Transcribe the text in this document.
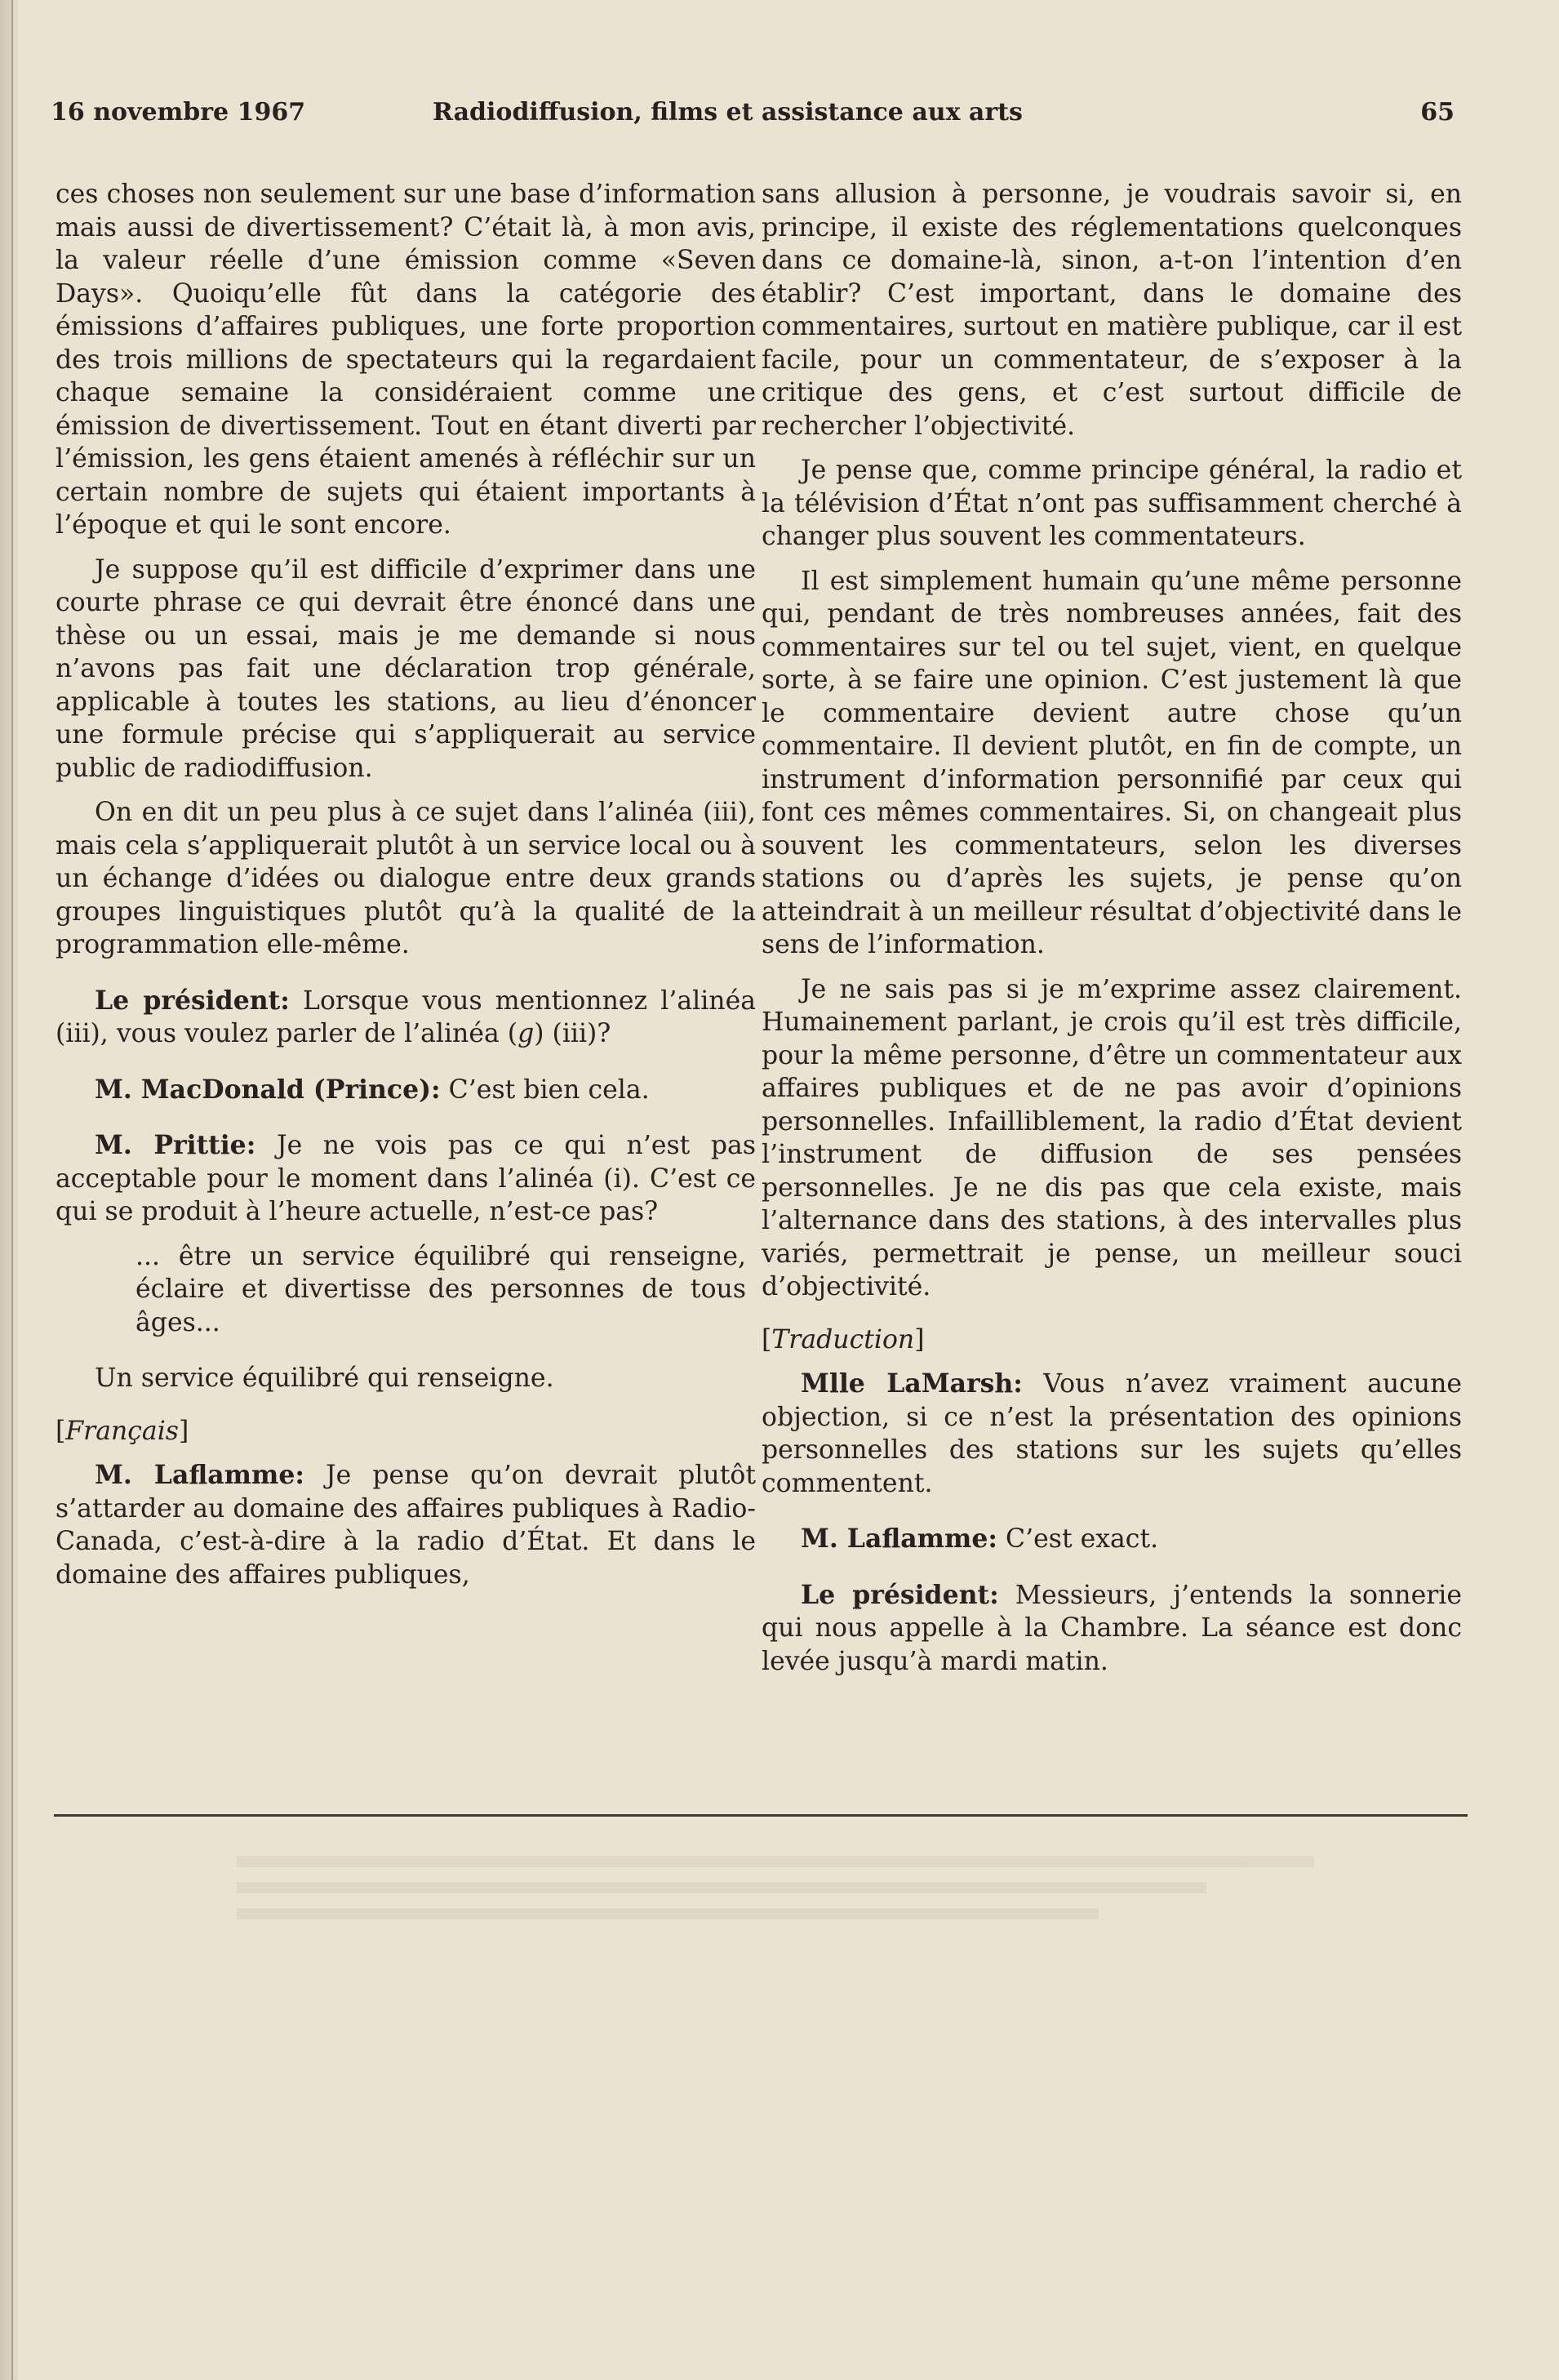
16 novembre 1967	Radiodiffusion, films et assistance aux arts	65

ces choses non seulement sur une base d’information mais aussi de divertissement? C’était là, à mon avis, la valeur réelle d’une émission comme «Seven Days». Quoiqu’elle fût dans la catégorie des émissions d’affaires publiques, une forte proportion des trois millions de spectateurs qui la regardaient chaque semaine la considéraient comme une émission de divertissement. Tout en étant diverti par l’émission, les gens étaient amenés à réfléchir sur un certain nombre de sujets qui étaient importants à l’époque et qui le sont encore.

Je suppose qu’il est difficile d’exprimer dans une courte phrase ce qui devrait être énoncé dans une thèse ou un essai, mais je me demande si nous n’avons pas fait une déclaration trop générale, applicable à toutes les stations, au lieu d’énoncer une formule précise qui s’appliquerait au service public de radiodiffusion.

On en dit un peu plus à ce sujet dans l’alinéa (iii), mais cela s’appliquerait plutôt à un service local ou à un échange d’idées ou dialogue entre deux grands groupes linguistiques plutôt qu’à la qualité de la programmation elle-même.

Le président: Lorsque vous mentionnez l’alinéa (iii), vous voulez parler de l’alinéa (g) (iii)?

M. MacDonald (Prince): C’est bien cela.

M. Prittie: Je ne vois pas ce qui n’est pas acceptable pour le moment dans l’alinéa (i). C’est ce qui se produit à l’heure actuelle, n’est-ce pas?

... être un service équilibré qui renseigne, éclaire et divertisse des personnes de tous âges...

Un service équilibré qui renseigne.

[Français]

M. Laflamme: Je pense qu’on devrait plutôt s’attarder au domaine des affaires publiques à Radio-Canada, c’est-à-dire à la radio d’État. Et dans le domaine des affaires publiques,

sans allusion à personne, je voudrais savoir si, en principe, il existe des réglementations quelconques dans ce domaine-là, sinon, a-t-on l’intention d’en établir? C’est important, dans le domaine des commentaires, surtout en matière publique, car il est facile, pour un commentateur, de s’exposer à la critique des gens, et c’est surtout difficile de rechercher l’objectivité.

Je pense que, comme principe général, la radio et la télévision d’État n’ont pas suffisamment cherché à changer plus souvent les commentateurs.

Il est simplement humain qu’une même personne qui, pendant de très nombreuses années, fait des commentaires sur tel ou tel sujet, vient, en quelque sorte, à se faire une opinion. C’est justement là que le commentaire devient autre chose qu’un commentaire. Il devient plutôt, en fin de compte, un instrument d’information personnifié par ceux qui font ces mêmes commentaires. Si, on changeait plus souvent les commentateurs, selon les diverses stations ou d’après les sujets, je pense qu’on atteindrait à un meilleur résultat d’objectivité dans le sens de l’information.

Je ne sais pas si je m’exprime assez clairement. Humainement parlant, je crois qu’il est très difficile, pour la même personne, d’être un commentateur aux affaires publiques et de ne pas avoir d’opinions personnelles. Infailliblement, la radio d’État devient l’instrument de diffusion de ses pensées personnelles. Je ne dis pas que cela existe, mais l’alternance dans des stations, à des intervalles plus variés, permettrait je pense, un meilleur souci d’objectivité.

[Traduction]

Mlle LaMarsh: Vous n’avez vraiment aucune objection, si ce n’est la présentation des opinions personnelles des stations sur les sujets qu’elles commentent.

M. Laflamme: C’est exact.

Le président: Messieurs, j’entends la sonnerie qui nous appelle à la Chambre. La séance est donc levée jusqu’à mardi matin.
